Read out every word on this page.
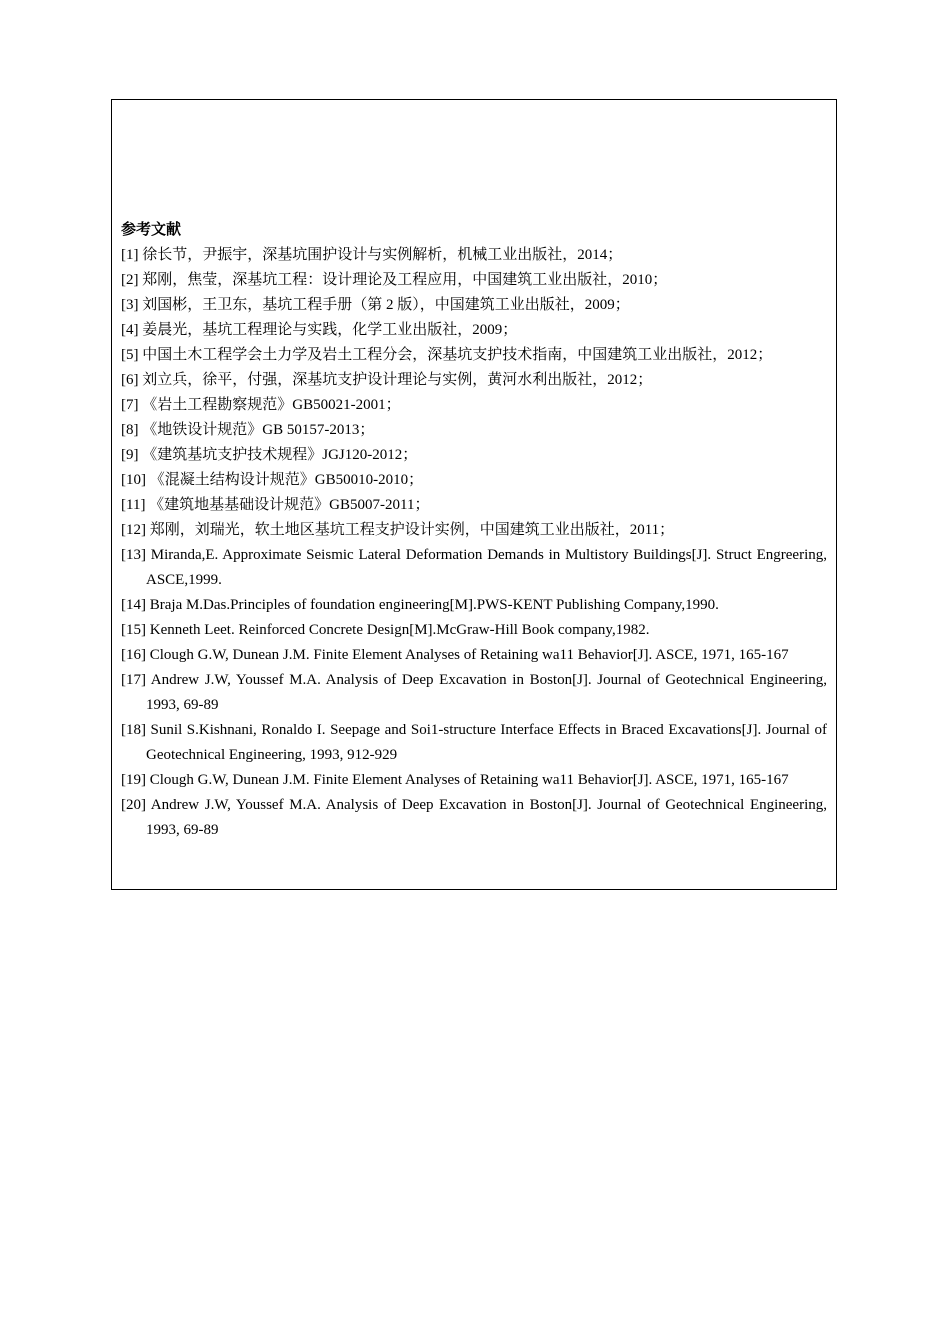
参考文献

[1] 徐长节，尹振宇，深基坑围护设计与实例解析，机械工业出版社，2014；
[2] 郑刚，焦莹，深基坑工程：设计理论及工程应用，中国建筑工业出版社，2010；
[3] 刘国彬，王卫东，基坑工程手册（第 2 版），中国建筑工业出版社，2009；
[4] 姜晨光，基坑工程理论与实践，化学工业出版社，2009；
[5] 中国土木工程学会土力学及岩土工程分会，深基坑支护技术指南，中国建筑工业出版社，2012；
[6] 刘立兵，徐平，付强，深基坑支护设计理论与实例，黄河水利出版社，2012；
[7] 《岩土工程勘察规范》GB50021-2001；
[8] 《地铁设计规范》GB 50157-2013；
[9] 《建筑基坑支护技术规程》JGJ120-2012；
[10] 《混凝土结构设计规范》GB50010-2010；
[11] 《建筑地基基础设计规范》GB5007-2011；
[12] 郑刚，刘瑞光，软土地区基坑工程支护设计实例，中国建筑工业出版社，2011；
[13] Miranda,E. Approximate Seismic Lateral Deformation Demands in Multistory Buildings[J]. Struct Engreering, ASCE,1999.
[14] Braja M.Das.Principles of foundation engineering[M].PWS-KENT Publishing Company,1990.
[15] Kenneth Leet. Reinforced Concrete Design[M].McGraw-Hill Book company,1982.
[16] Clough G.W, Dunean J.M. Finite Element Analyses of Retaining wa11 Behavior[J]. ASCE, 1971, 165-167
[17] Andrew J.W, Youssef M.A. Analysis of Deep Excavation in Boston[J]. Journal of Geotechnical Engineering, 1993, 69-89
[18] Sunil S.Kishnani, Ronaldo I. Seepage and Soi1-structure Interface Effects in Braced Excavations[J]. Journal of Geotechnical Engineering, 1993, 912-929
[19] Clough G.W, Dunean J.M. Finite Element Analyses of Retaining wa11 Behavior[J]. ASCE, 1971, 165-167
[20] Andrew J.W, Youssef M.A. Analysis of Deep Excavation in Boston[J]. Journal of Geotechnical Engineering, 1993, 69-89
